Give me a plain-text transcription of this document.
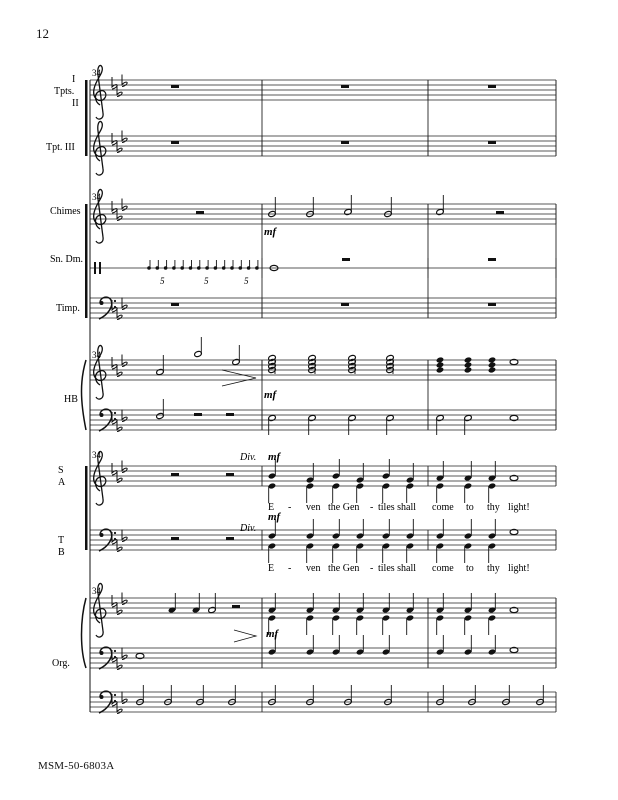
12
I
Tpts.
II
Tpt. III
Chimes
Sn. Dm.
Timp.
HB
S
A
T
B
Org.
34
34
34
34
34
mf
mf
Div. mf
mf
Div.
mf
5	5	5
E - ven the Gen - tiles shall come to thy light!
E - ven the Gen - tiles shall come to thy light!
MSM-50-6803A
